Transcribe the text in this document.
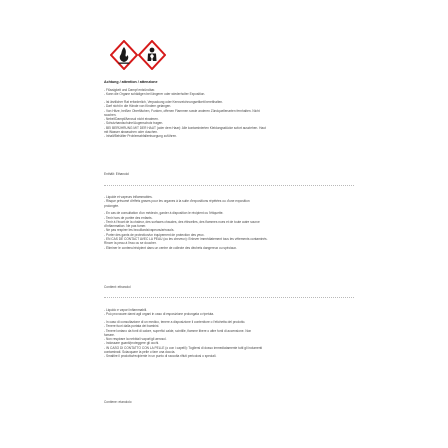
Achtung / attention / attenzione
- Flüssigkeit und Dampf entzündbar.
- Kann die Organe schädigen bei längerer oder wiederholter Exposition.
- Ist ärztlicher Rat erforderlich, Verpackung oder Kennzeichnungsetikett bereithalten.
- Darf nicht in die Hände von Kindern gelangen.
- Von Hitze, heißen Oberflächen, Funken, offenen Flammen sowie anderen Zündquellenarten fernhalten. Nicht
rauchen.
- Nebel/Dampf/Aerosol nicht einatmen.
- Schutzhandschuhe/Augenschutz tragen.
- BEI BERÜHRUNG MIT DER HAUT (oder dem Haar): Alle kontaminierten Kleidungsstücke sofort ausziehen. Haut
mit Wasser abwaschen oder duschen.
- Inhalt/Behälter Problemabfallentsorgung zuführen.
Enthält: Ethanolol
- Liquide et vapeurs inflammables.
- Risque présumé d'effets graves pour les organes à la suite d'expositions répétées ou d'une exposition
prolongée.
- En cas de consultation d'un médecin, garder à disposition le récipient ou l'étiquette.
- Tenir hors de portée des enfants.
- Tenir à l'écart de la chaleur, des surfaces chaudes, des étincelles, des flammes nues et de toute autre source
d'inflammation. Ne pas fumer.
- Ne pas respirer les brouillards/vapeurs/aérosols.
- Porter des gants de protection/un équipement de protection des yeux.
- EN CAS DE CONTACT AVEC LA PEAU (ou les cheveux): Enlever immédiatement tous les vêtements contaminés.
Rincer la peau à l'eau ou se doucher.
- Éliminer le contenu/récipient dans un centre de collecte des déchets dangereux ou spéciaux.
Contient: ethanolol
- Liquido e vapori infiammabili.
- Può provocare danni agli organi in caso di esposizione prolungata o ripetuta.
- In caso di consultazione di un medico, tenere a disposizione il contenitore o l'etichetta del prodotto.
- Tenere fuori dalla portata dei bambini.
- Tenere lontano da fonti di calore, superfici calde, scintille, fiamme libere o altre fonti di accensione. Non
fumare.
- Non respirare la nebbia/i vapori/gli aerosol.
- Indossare guanti/proteggere gli occhi.
- IN CASO DI CONTATTO CON LA PELLE (o con i capelli): Togliersi di dosso immediatamente tutti gli indumenti
contaminati. Sciacquare la pelle o fare una doccia.
- Smaltire il prodotto/recipiente in un punto di raccolta rifiuti pericolosi o speciali.
Contiene: etanololo
